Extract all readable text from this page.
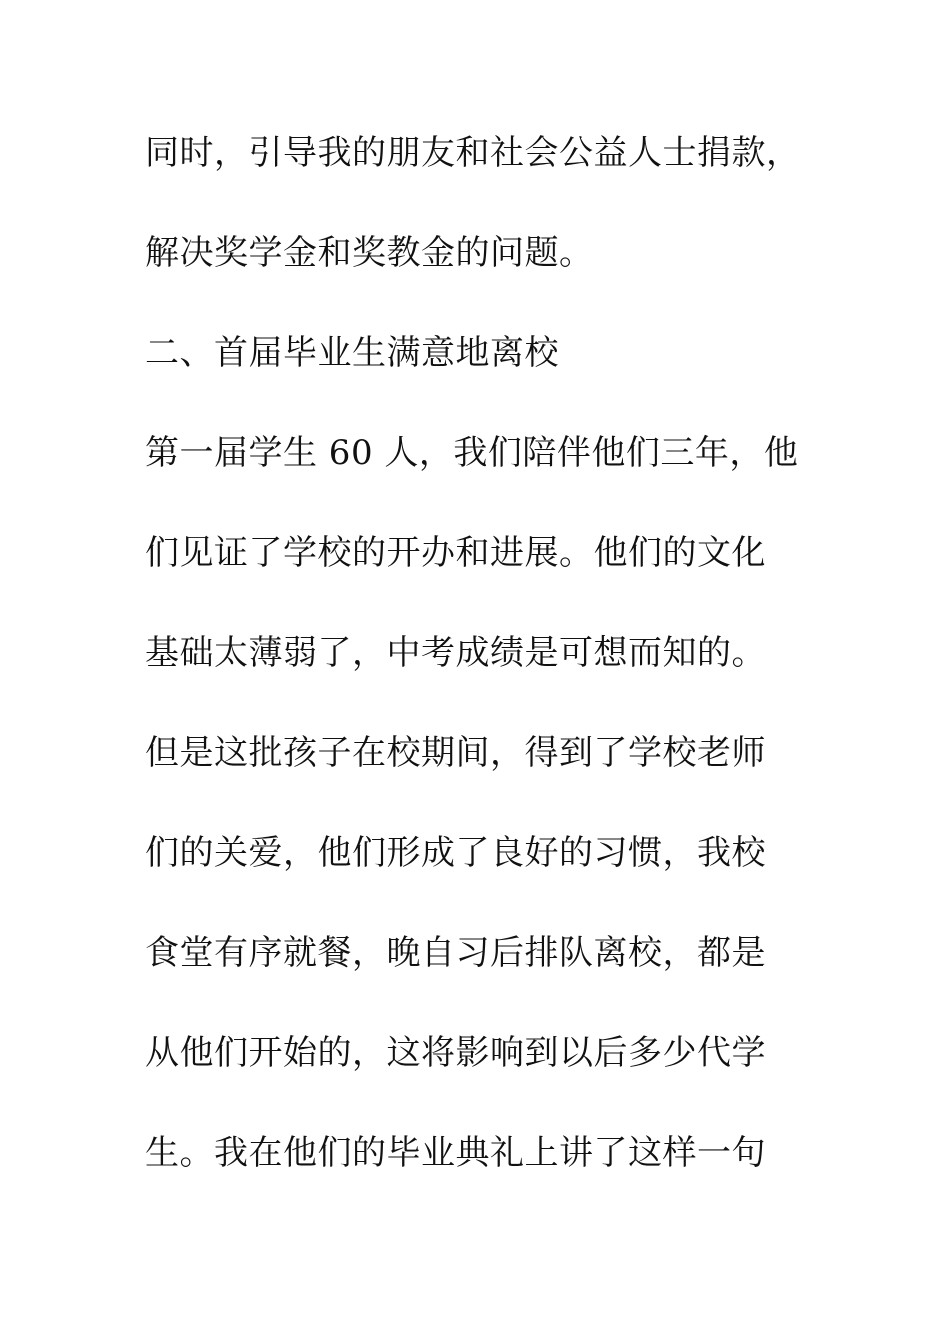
同时，引导我的朋友和社会公益人士捐款，
解决奖学金和奖教金的问题。
二、首届毕业生满意地离校
第一届学生 60 人，我们陪伴他们三年，他
们见证了学校的开办和进展。他们的文化
基础太薄弱了，中考成绩是可想而知的。
但是这批孩子在校期间，得到了学校老师
们的关爱，他们形成了良好的习惯，我校
食堂有序就餐，晚自习后排队离校，都是
从他们开始的，这将影响到以后多少代学
生。我在他们的毕业典礼上讲了这样一句
